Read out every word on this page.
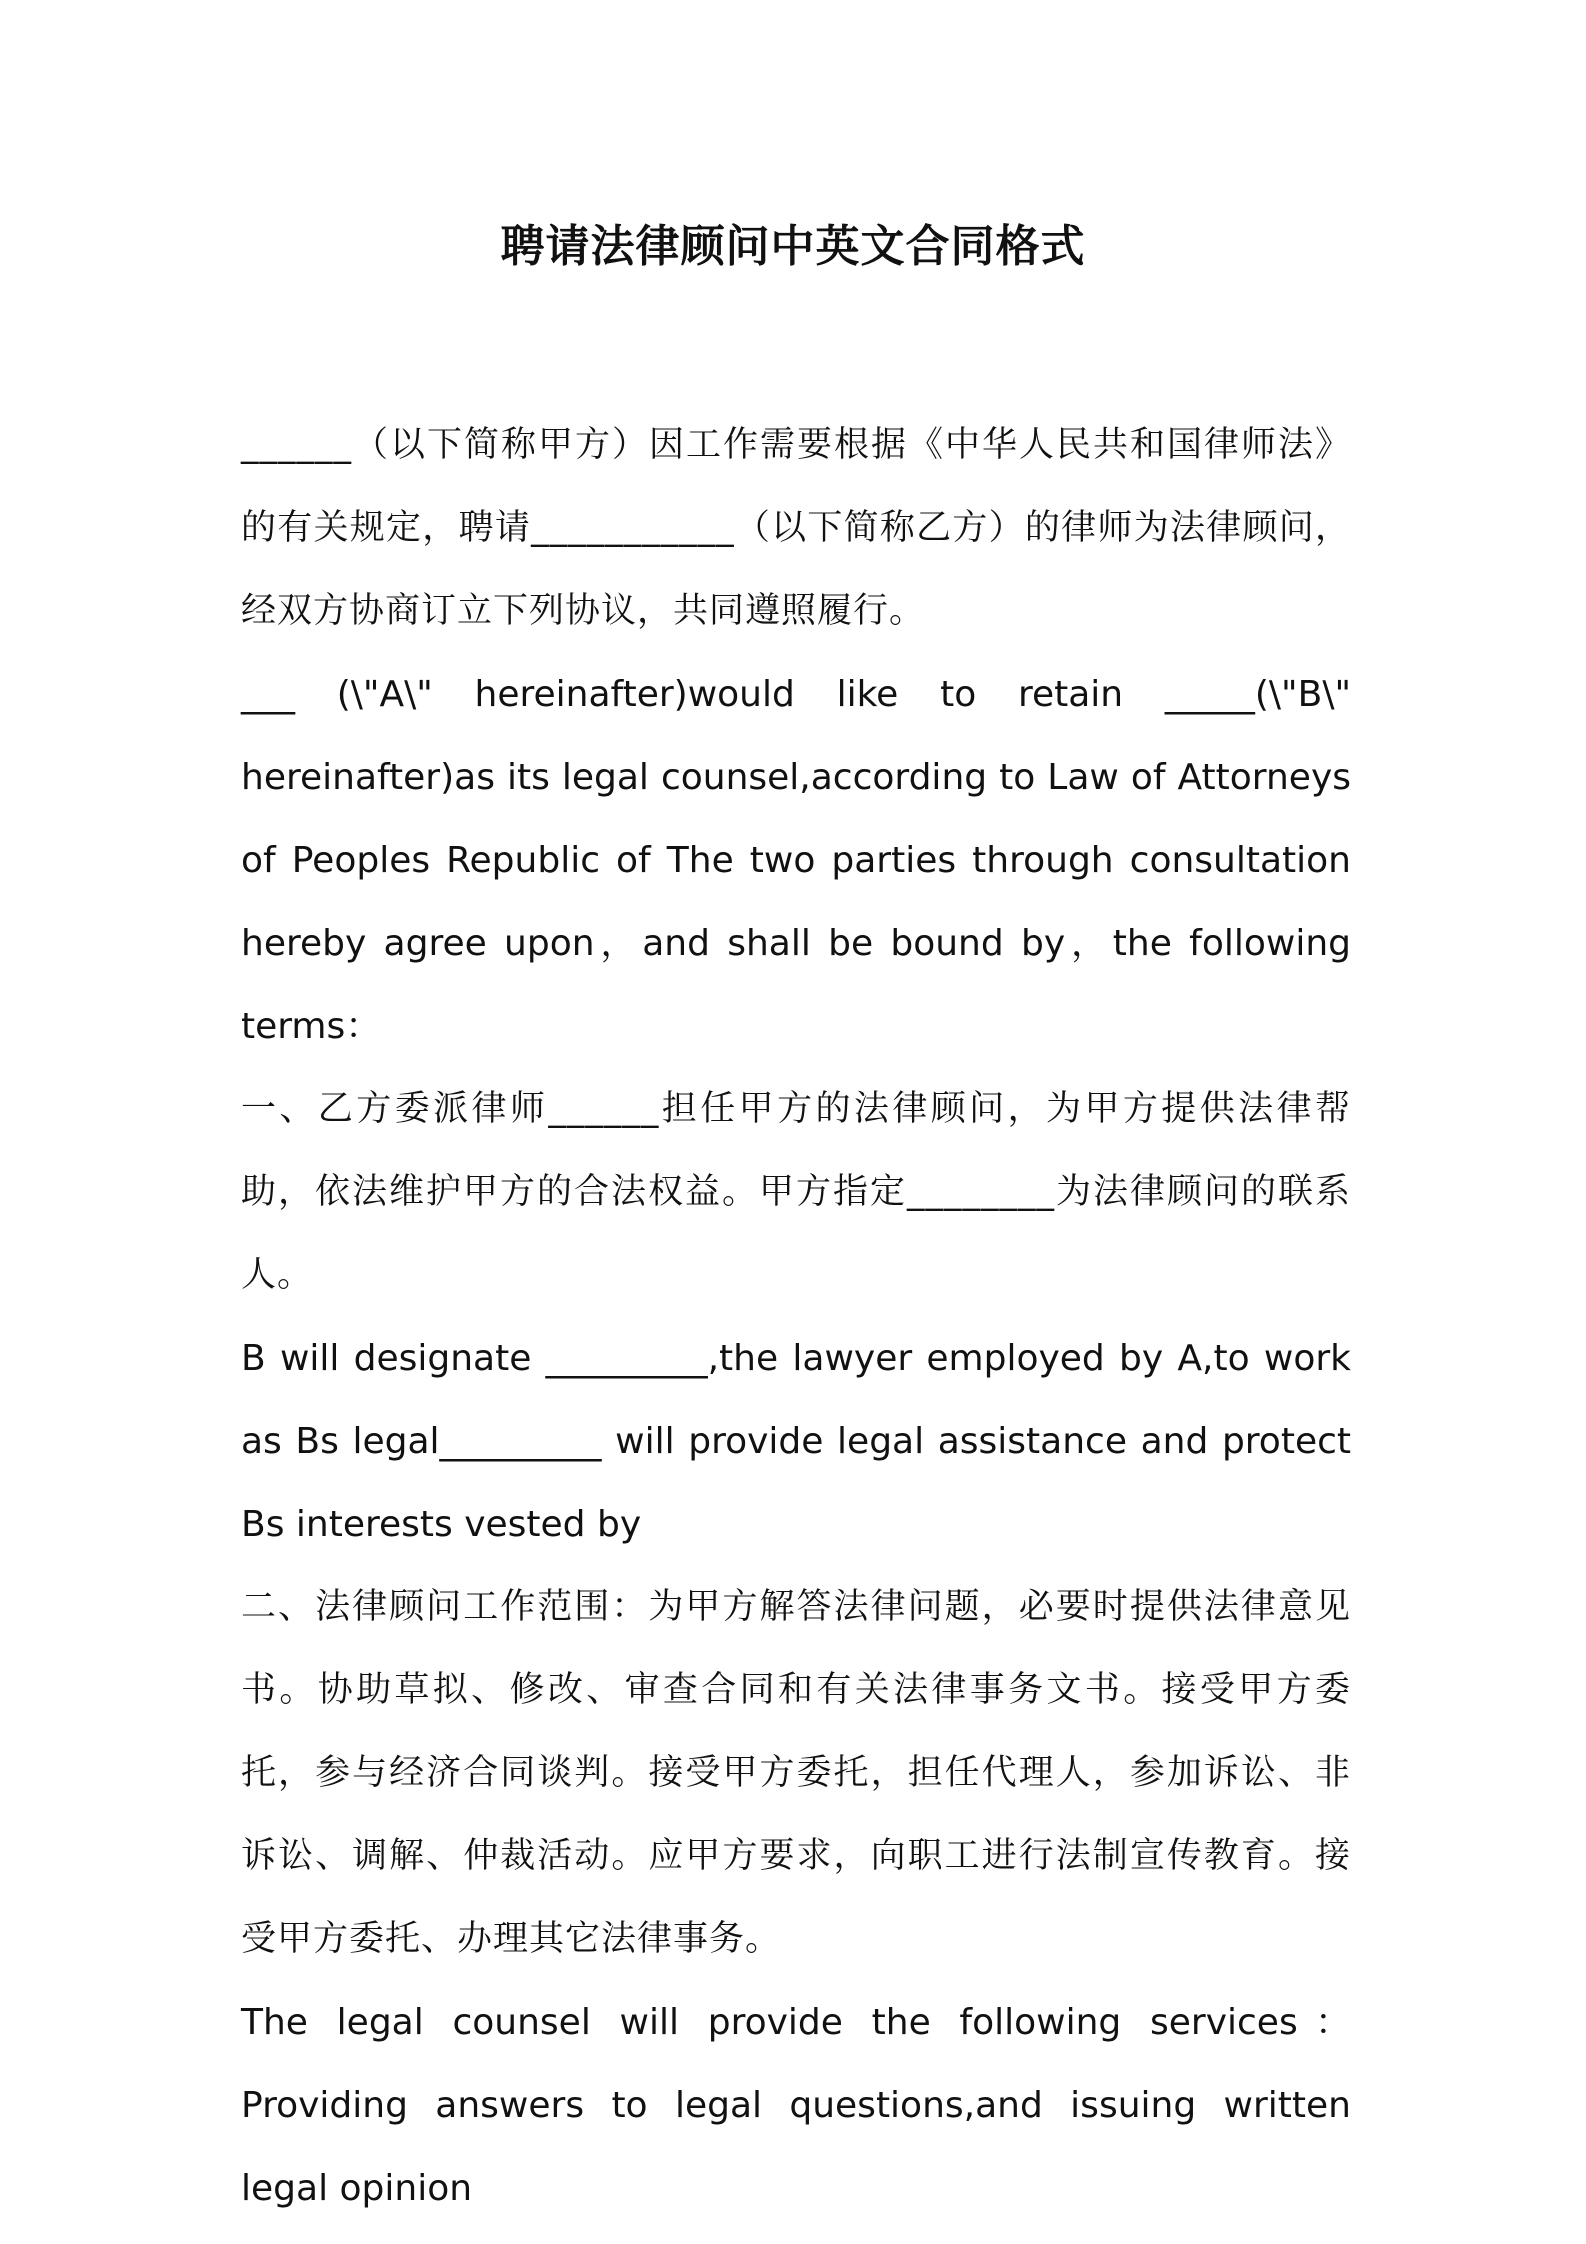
聘请法律顾问中英文合同格式

______（以下简称甲方）因工作需要根据《中华人民共和国律师法》的有关规定，聘请___________（以下简称乙方）的律师为法律顾问，经双方协商订立下列协议，共同遵照履行。

___ (\"A\" hereinafter)would like to retain _____(\"B\" hereinafter)as its legal counsel,according to Law of Attorneys of Peoples Republic of The two parties through consultation hereby agree upon，and shall be bound by，the following terms：

一、乙方委派律师______担任甲方的法律顾问，为甲方提供法律帮助，依法维护甲方的合法权益。甲方指定________为法律顾问的联系人。

B will designate _________,the lawyer employed by A,to work as Bs legal_________ will provide legal assistance and protect Bs interests vested by

二、法律顾问工作范围：为甲方解答法律问题，必要时提供法律意见书。协助草拟、修改、审查合同和有关法律事务文书。接受甲方委托，参与经济合同谈判。接受甲方委托，担任代理人，参加诉讼、非诉讼、调解、仲裁活动。应甲方要求，向职工进行法制宣传教育。接受甲方委托、办理其它法律事务。

The legal counsel will provide the following services：Providing answers to legal questions,and issuing written legal opinion
